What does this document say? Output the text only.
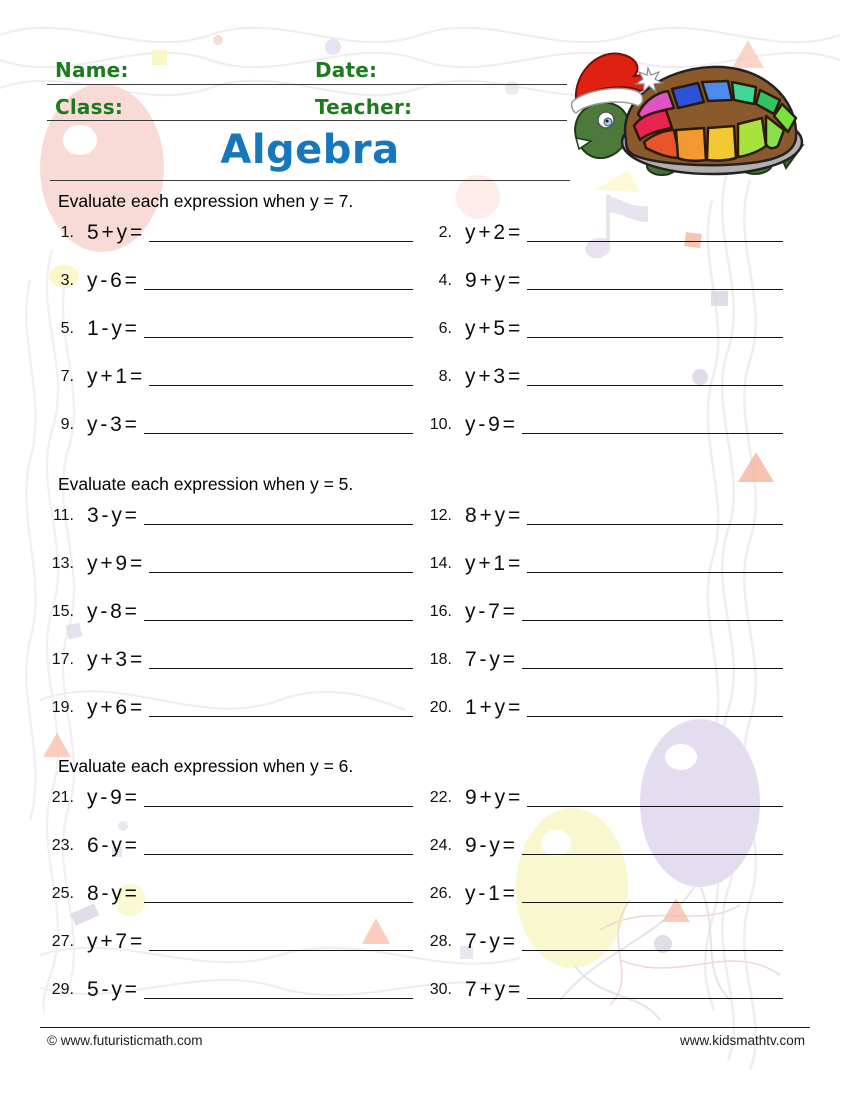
Name:	Date:
Class:	Teacher:
Algebra

Evaluate each expression when y = 7.

1. 5 + y =	2. y + 2 =
3. y - 6 =	4. 9 + y =
5. 1 - y =	6. y + 5 =
7. y + 1 =	8. y + 3 =
9. y - 3 =	10. y - 9 =

Evaluate each expression when y = 5.

11. 3 - y =	12. 8 + y =
13. y + 9 =	14. y + 1 =
15. y - 8 =	16. y - 7 =
17. y + 3 =	18. 7 - y =
19. y + 6 =	20. 1 + y =

Evaluate each expression when y = 6.

21. y - 9 =	22. 9 + y =
23. 6 - y =	24. 9 - y =
25. 8 - y =	26. y - 1 =
27. y + 7 =	28. 7 - y =
29. 5 - y =	30. 7 + y =
© www.futuristicmath.com	www.kidsmathtv.com
